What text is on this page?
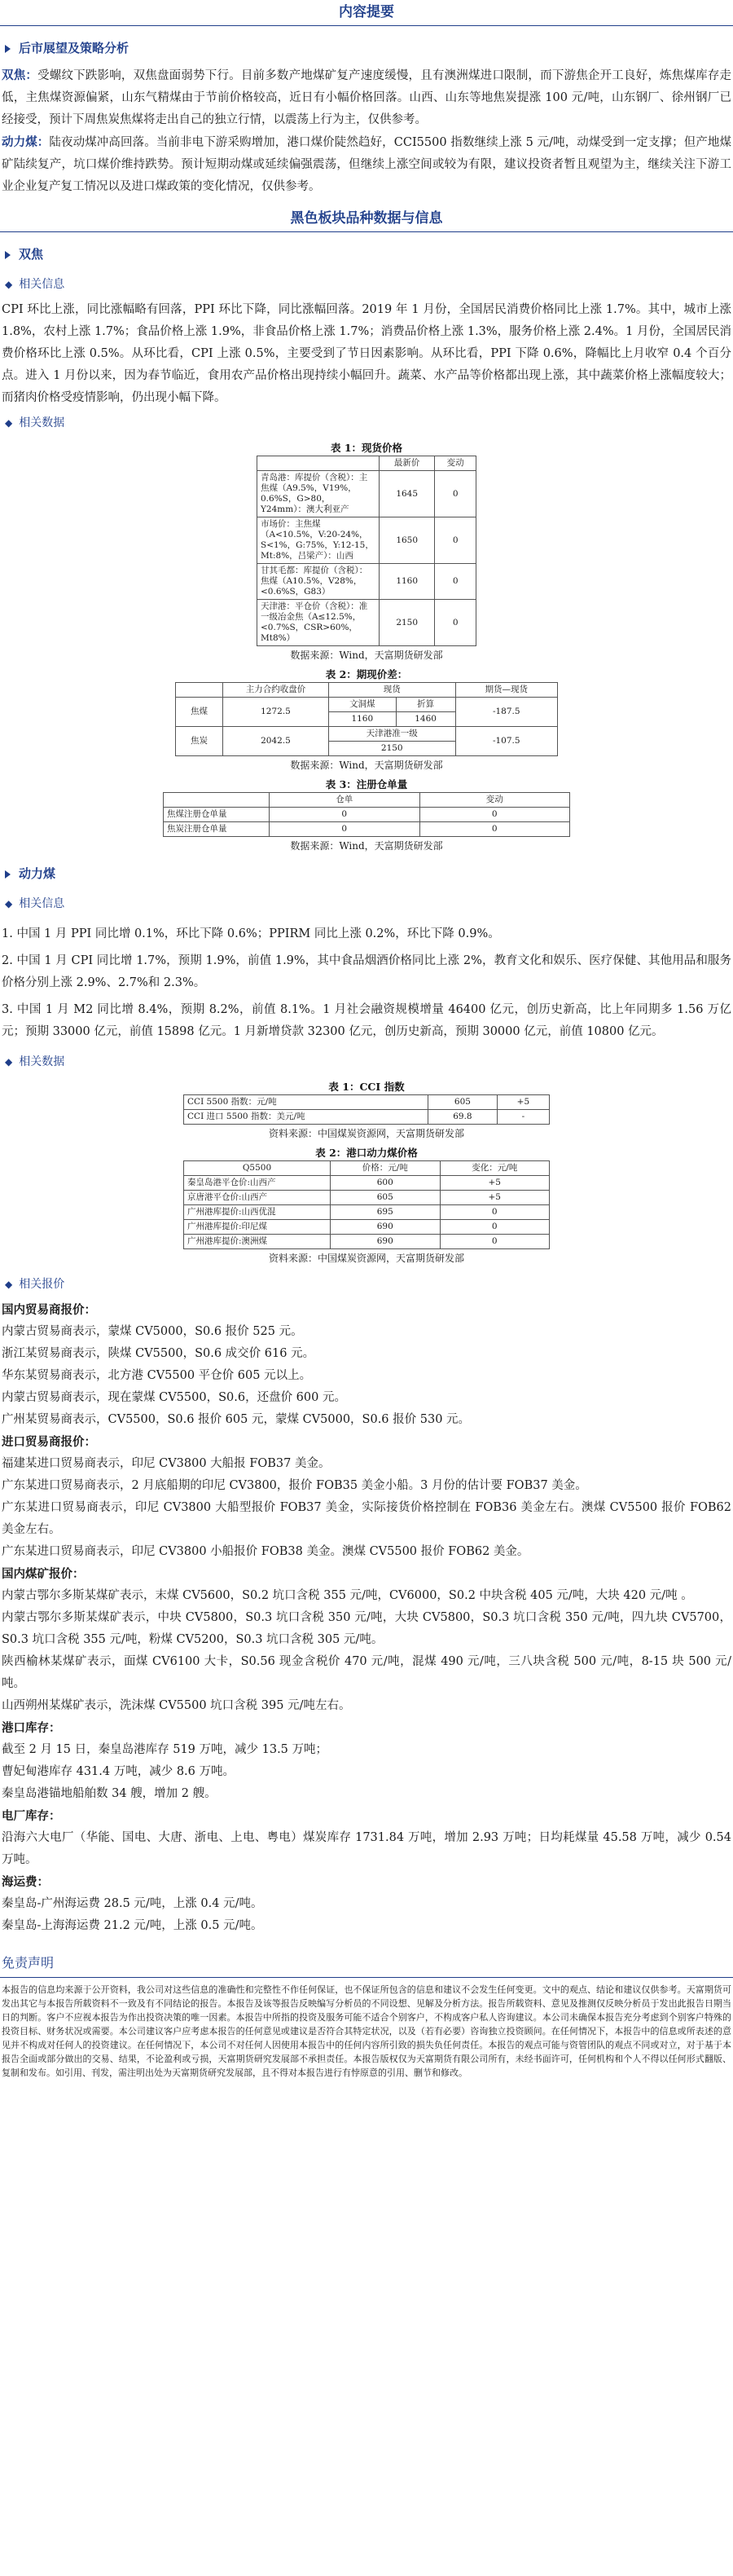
内容提要
后市展望及策略分析

双焦：受螺纹下跌影响，双焦盘面弱势下行。目前多数产地煤矿复产速度缓慢，且有澳洲煤进口限制，而下游焦企开工良好，炼焦煤库存走低，主焦煤资源偏紧，山东气精煤由于节前价格较高，近日有小幅价格回落。山西、山东等地焦炭提涨 100 元/吨，山东钢厂、徐州钢厂已经接受，预计下周焦炭焦煤将走出自己的独立行情，以震荡上行为主，仅供参考。

动力煤：陆夜动煤冲高回落。当前非电下游采购增加，港口煤价陡然趋好，CCI5500 指数继续上涨 5 元/吨，动煤受到一定支撑；但产地煤矿陆续复产，坑口煤价维持跌势。预计短期动煤或延续偏强震荡，但继续上涨空间或较为有限，建议投资者暂且观望为主，继续关注下游工业企业复产复工情况以及进口煤政策的变化情况，仅供参考。

黑色板块品种数据与信息
双焦
◆ 相关信息

CPI 环比上涨，同比涨幅略有回落，PPI 环比下降，同比涨幅回落。2019 年 1 月份，全国居民消费价格同比上涨 1.7%。其中，城市上涨 1.8%，农村上涨 1.7%；食品价格上涨 1.9%，非食品价格上涨 1.7%；消费品价格上涨 1.3%，服务价格上涨 2.4%。1 月份，全国居民消费价格环比上涨 0.5%。从环比看，CPI 上涨 0.5%，主要受到了节日因素影响。从环比看，PPI 下降 0.6%，降幅比上月收窄 0.4 个百分点。进入 1 月份以来，因为春节临近，食用农产品价格出现持续小幅回升。蔬菜、水产品等价格都出现上涨，其中蔬菜价格上涨幅度较大；而猪肉价格受疫情影响，仍出现小幅下降。

◆ 相关数据
表 1：现货价格
	最新价	变动
青岛港：库提价（含税）：主焦煤（A9.5%，V19%，0.6%S，G>80，Y24mm）：澳大利亚产	1645	0
市场价：主焦煤（A<10.5%，V:20-24%，S<1%，G:75%，Y:12-15，Mt:8%，吕梁产）：山西	1650	0
甘其毛都：库提价（含税）：焦煤（A10.5%，V28%，<0.6%S，G83）	1160	0
天津港：平仓价（含税）：准一级冶金焦（A≤12.5%，<0.7%S，CSR>60%，Mt8%）	2150	0
数据来源：Wind，天富期货研发部
表 2：期现价差：
	主力合约收盘价	现货		期货—现货
焦煤	1272.5	文洞煤	折算	-187.5
		1160	1460	
焦炭	2042.5	天津港准一级		-107.5
		2150		
数据来源：Wind，天富期货研发部
表 3：注册仓单量
	仓单	变动
焦煤注册仓单量	0	0
焦炭注册仓单量	0	0
数据来源：Wind，天富期货研发部
动力煤
◆ 相关信息

1. 中国 1 月 PPI 同比增 0.1%，环比下降 0.6%；PPIRM 同比上涨 0.2%，环比下降 0.9%。

2. 中国 1 月 CPI 同比增 1.7%，预期 1.9%，前值 1.9%，其中食品烟酒价格同比上涨 2%，教育文化和娱乐、医疗保健、其他用品和服务价格分别上涨 2.9%、2.7%和 2.3%。

3. 中国 1 月 M2 同比增 8.4%，预期 8.2%，前值 8.1%。1 月社会融资规模增量 46400 亿元，创历史新高，比上年同期多 1.56 万亿元；预期 33000 亿元，前值 15898 亿元。1 月新增贷款 32300 亿元，创历史新高，预期 30000 亿元，前值 10800 亿元。

◆ 相关数据
表 1：CCI 指数
CCI 5500 指数：元/吨	605	+5
CCI 进口 5500 指数：美元/吨	69.8	-
资料来源：中国煤炭资源网，天富期货研发部
表 2：港口动力煤价格
Q5500	价格：元/吨	变化：元/吨
秦皇岛港平仓价:山西产	600	+5
京唐港平仓价:山西产	605	+5
广州港库提价:山西优混	695	0
广州港库提价:印尼煤	690	0
广州港库提价:澳洲煤	690	0
资料来源：中国煤炭资源网，天富期货研发部
◆ 相关报价
国内贸易商报价：

内蒙古贸易商表示，蒙煤 CV5000，S0.6 报价 525 元。

浙江某贸易商表示，陕煤 CV5500，S0.6 成交价 616 元。

华东某贸易商表示，北方港 CV5500 平仓价 605 元以上。

内蒙古贸易商表示，现在蒙煤 CV5500，S0.6，还盘价 600 元。

广州某贸易商表示，CV5500，S0.6 报价 605 元，蒙煤 CV5000，S0.6 报价 530 元。

进口贸易商报价：

福建某进口贸易商表示，印尼 CV3800 大船报 FOB37 美金。

广东某进口贸易商表示，2 月底船期的印尼 CV3800，报价 FOB35 美金小船。3 月份的估计要 FOB37 美金。

广东某进口贸易商表示，印尼 CV3800 大船型报价 FOB37 美金，实际接货价格控制在 FOB36 美金左右。澳煤 CV5500 报价 FOB62 美金左右。

广东某进口贸易商表示，印尼 CV3800 小船报价 FOB38 美金。澳煤 CV5500 报价 FOB62 美金。

国内煤矿报价：

内蒙古鄂尔多斯某煤矿表示，末煤 CV5600，S0.2 坑口含税 355 元/吨，CV6000，S0.2 中块含税 405 元/吨，大块 420 元/吨 。

内蒙古鄂尔多斯某煤矿表示，中块 CV5800，S0.3 坑口含税 350 元/吨，大块 CV5800，S0.3 坑口含税 350 元/吨，四九块 CV5700，S0.3 坑口含税 355 元/吨，粉煤 CV5200，S0.3 坑口含税 305 元/吨。

陕西榆林某煤矿表示，面煤 CV6100 大卡，S0.56 现金含税价 470 元/吨，混煤 490 元/吨，三八块含税 500 元/吨，8-15 块 500 元/吨。

山西朔州某煤矿表示，洗沫煤 CV5500 坑口含税 395 元/吨左右。

港口库存：

截至 2 月 15 日，秦皇岛港库存 519 万吨，减少 13.5 万吨；

曹妃甸港库存 431.4 万吨，减少 8.6 万吨。

秦皇岛港锚地船舶数 34 艘，增加 2 艘。

电厂库存：

沿海六大电厂（华能、国电、大唐、浙电、上电、粤电）煤炭库存 1731.84 万吨，增加 2.93 万吨；日均耗煤量 45.58 万吨，减少 0.54 万吨。

海运费：

秦皇岛-广州海运费 28.5 元/吨，上涨 0.4 元/吨。

秦皇岛-上海海运费 21.2 元/吨，上涨 0.5 元/吨。

免责声明

本报告的信息均来源于公开资料，我公司对这些信息的准确性和完整性不作任何保证，也不保证所包含的信息和建议不会发生任何变更。文中的观点、结论和建议仅供参考。天富期货可发出其它与本报告所载资料不一致及有不同结论的报告。本报告及该等报告反映编写分析员的不同设想、见解及分析方法。报告所载资料、意见及推测仅反映分析员于发出此报告日期当日的判断。客户不应视本报告为作出投资决策的唯一因素。本报告中所指的投资及服务可能不适合个别客户，不构成客户私人咨询建议。本公司未确保本报告充分考虑到个别客户特殊的投资目标、财务状况或需要。本公司建议客户应考虑本报告的任何意见或建议是否符合其特定状况，以及（若有必要）咨询独立投资顾问。在任何情况下，本报告中的信息或所表述的意见并不构成对任何人的投资建议。在任何情况下，本公司不对任何人因使用本报告中的任何内容所引致的损失负任何责任。本报告的观点可能与资管团队的观点不同或对立，对于基于本报告全面或部分做出的交易、结果，不论盈利或亏损，天富期货研究发展部不承担责任。本报告版权仅为天富期货有限公司所有，未经书面许可，任何机构和个人不得以任何形式翻版、复制和发布。如引用、刊发，需注明出处为天富期货研究发展部，且不得对本报告进行有悖原意的引用、删节和修改。
